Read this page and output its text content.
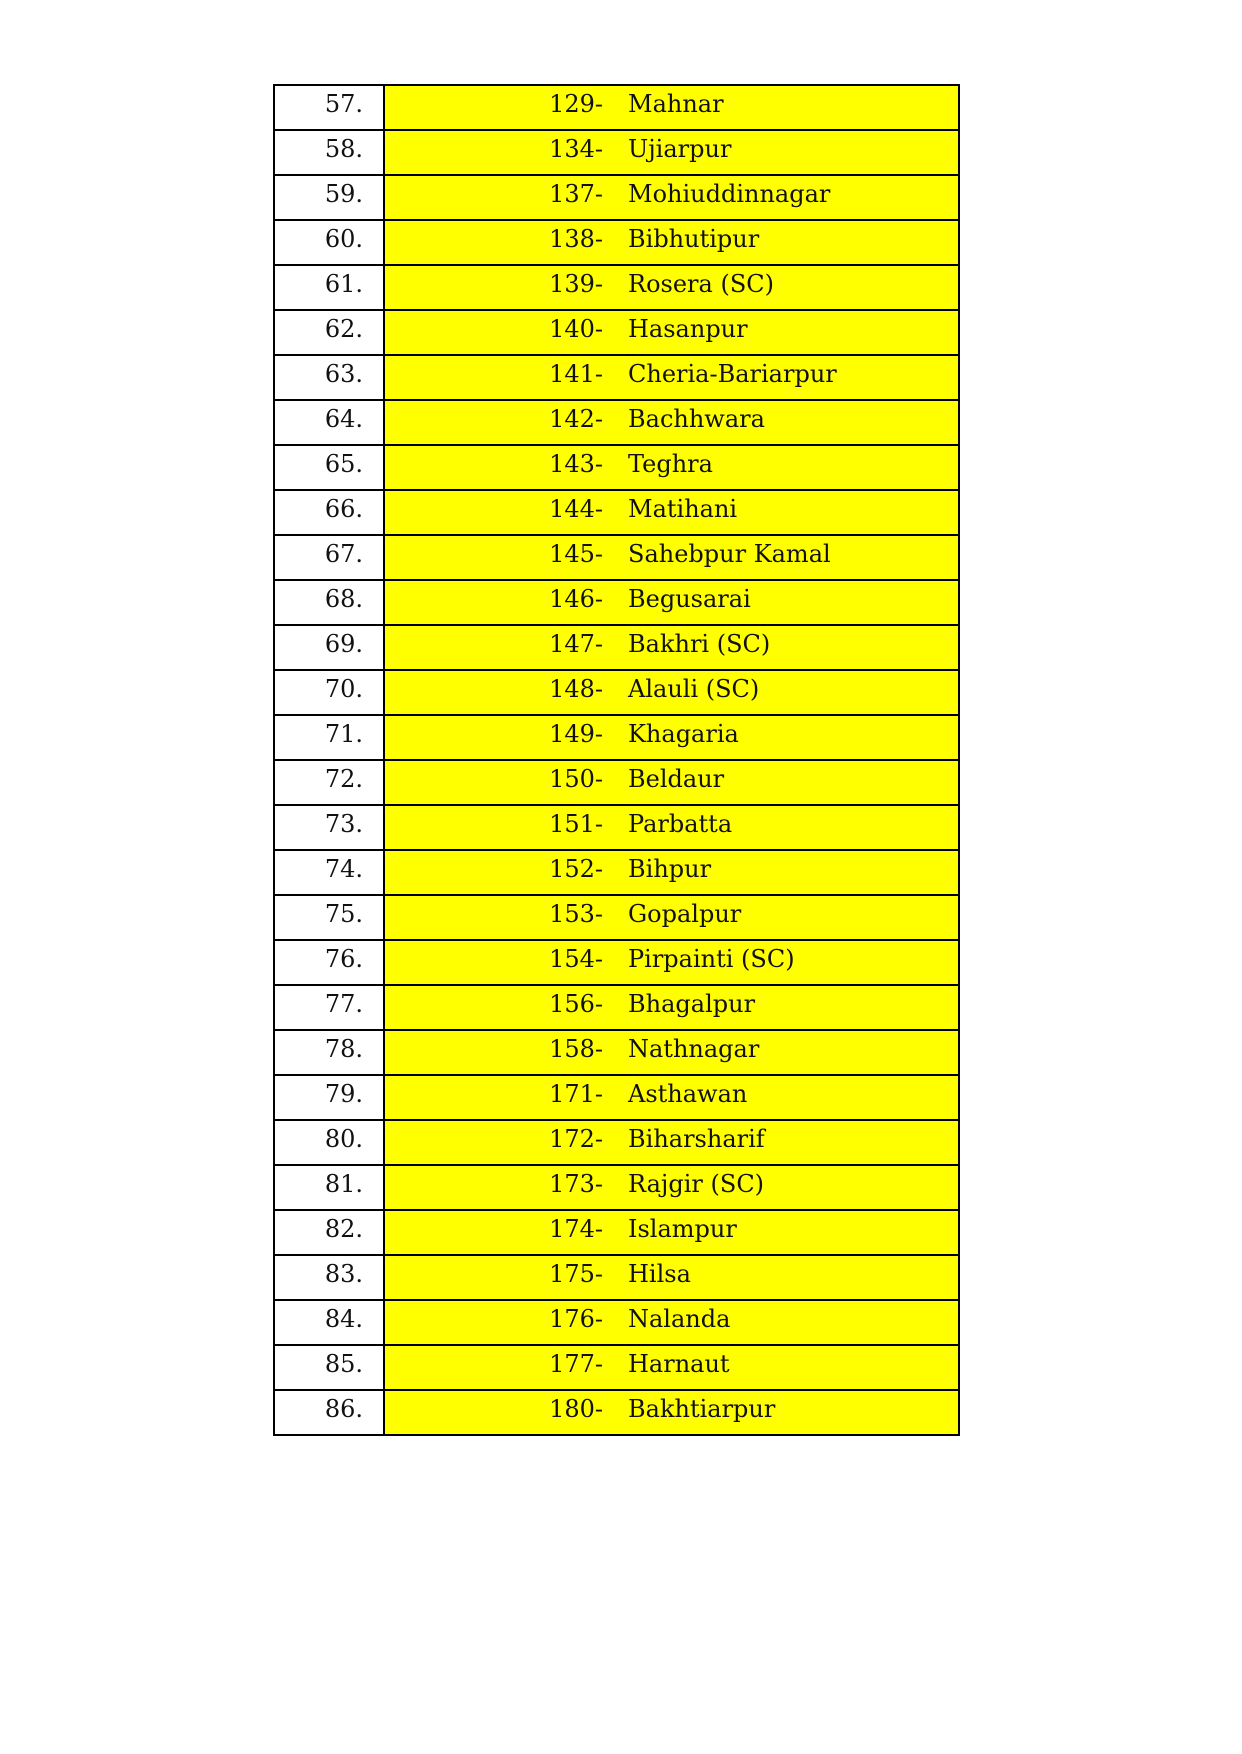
57.	129- Mahnar
58.	134- Ujiarpur
59.	137- Mohiuddinnagar
60.	138- Bibhutipur
61.	139- Rosera (SC)
62.	140- Hasanpur
63.	141- Cheria-Bariarpur
64.	142- Bachhwara
65.	143- Teghra
66.	144- Matihani
67.	145- Sahebpur Kamal
68.	146- Begusarai
69.	147- Bakhri (SC)
70.	148- Alauli (SC)
71.	149- Khagaria
72.	150- Beldaur
73.	151- Parbatta
74.	152- Bihpur
75.	153- Gopalpur
76.	154- Pirpainti (SC)
77.	156- Bhagalpur
78.	158- Nathnagar
79.	171- Asthawan
80.	172- Biharsharif
81.	173- Rajgir (SC)
82.	174- Islampur
83.	175- Hilsa
84.	176- Nalanda
85.	177- Harnaut
86.	180- Bakhtiarpur
